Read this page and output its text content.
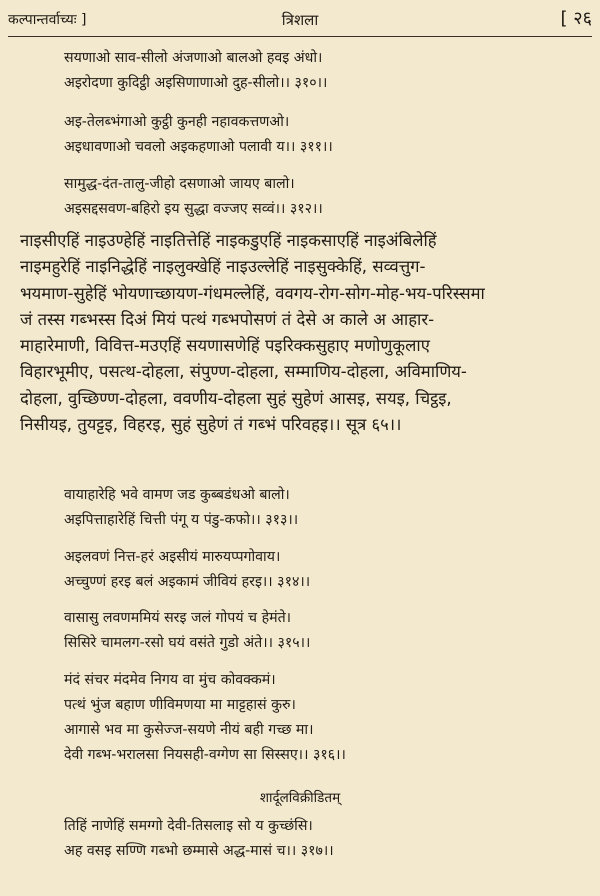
कल्पान्तर्वाच्यः ]	त्रिशला	[ २६
सयणाओ साव-सीलो अंजणाओ बालओ हवइ अंधो।
अइरोदणा कुदिट्ठी अइसिणाणाओ दुह-सीलो।। ३१०।।
अइ-तेलब्भंगाओ कुट्ठी कुनही नहावकत्तणओ।
अइधावणाओ चवलो अइकहणाओ पलावी य।। ३११।।
सामुद्ध-दंत-तालु-जीहो दसणाओ जायए बालो।
अइसद्दसवण-बहिरो इय सुद्धा वज्जए सव्वं।। ३१२।।
नाइसीएहिं नाइउण्हेहिं नाइतित्तेहिं नाइकडुएहिं नाइकसाएहिं नाइअंबिलेहिं
नाइमहुरेहिं नाइनिद्धेहिं नाइलुक्खेहिं नाइउल्लेहिं नाइसुक्केहिं, सव्वत्तुग-
भयमाण-सुहेहिं भोयणाच्छायण-गंधमल्लेहिं, ववगय-रोग-सोग-मोह-भय-परिस्समा
जं तस्स गब्भस्स दिअं मियं पत्थं गब्भपोसणं तं देसे अ काले अ आहार-
माहारेमाणी, विवित्त-मउएहिं सयणासणेहिं पइरिक्कसुहाए मणोणुकूलाए
विहारभूमीए, पसत्थ-दोहला, संपुण्ण-दोहला, सम्माणिय-दोहला, अविमाणिय-
दोहला, वुच्छिण्ण-दोहला, ववणीय-दोहला सुहं सुहेणं आसइ, सयइ, चिट्ठइ,
निसीयइ, तुयट्टइ, विहरइ, सुहं सुहेणं तं गब्भं परिवहइ।। सूत्र ६५।।
वायाहारेहि भवे वामण जड कुब्बडंधओ बालो।
अइपित्ताहारेहिं चित्ती पंगू य पंडु-कफो।। ३१३।।
अइलवणं नित्त-हरं अइसीयं मारुयप्पगोवाय।
अच्चुण्णं हरइ बलं अइकामं जीवियं हरइ।। ३१४।।
वासासु लवणममियं सरइ जलं गोपयं च हेमंते।
सिसिरे चामलग-रसो घयं वसंते गुडो अंते।। ३१५।।
मंदं संचर मंदमेव निगय वा मुंच कोवक्कमं।
पत्थं भुंज बहाण णीविमणया मा माट्टहासं कुरु।
आगासे भव मा कुसेज्ज-सयणे नीयं बही गच्छ मा।
देवी गब्भ-भरालसा नियसही-वग्गेण सा सिस्सए।। ३१६।।
शार्दूलविक्रीडितम्
तिहिं नाणेहिं समग्गो देवी-तिसलाइ सो य कुच्छंसि।
अह वसइ सण्णि गब्भो छम्मासे अद्ध-मासं च।। ३१७।।
